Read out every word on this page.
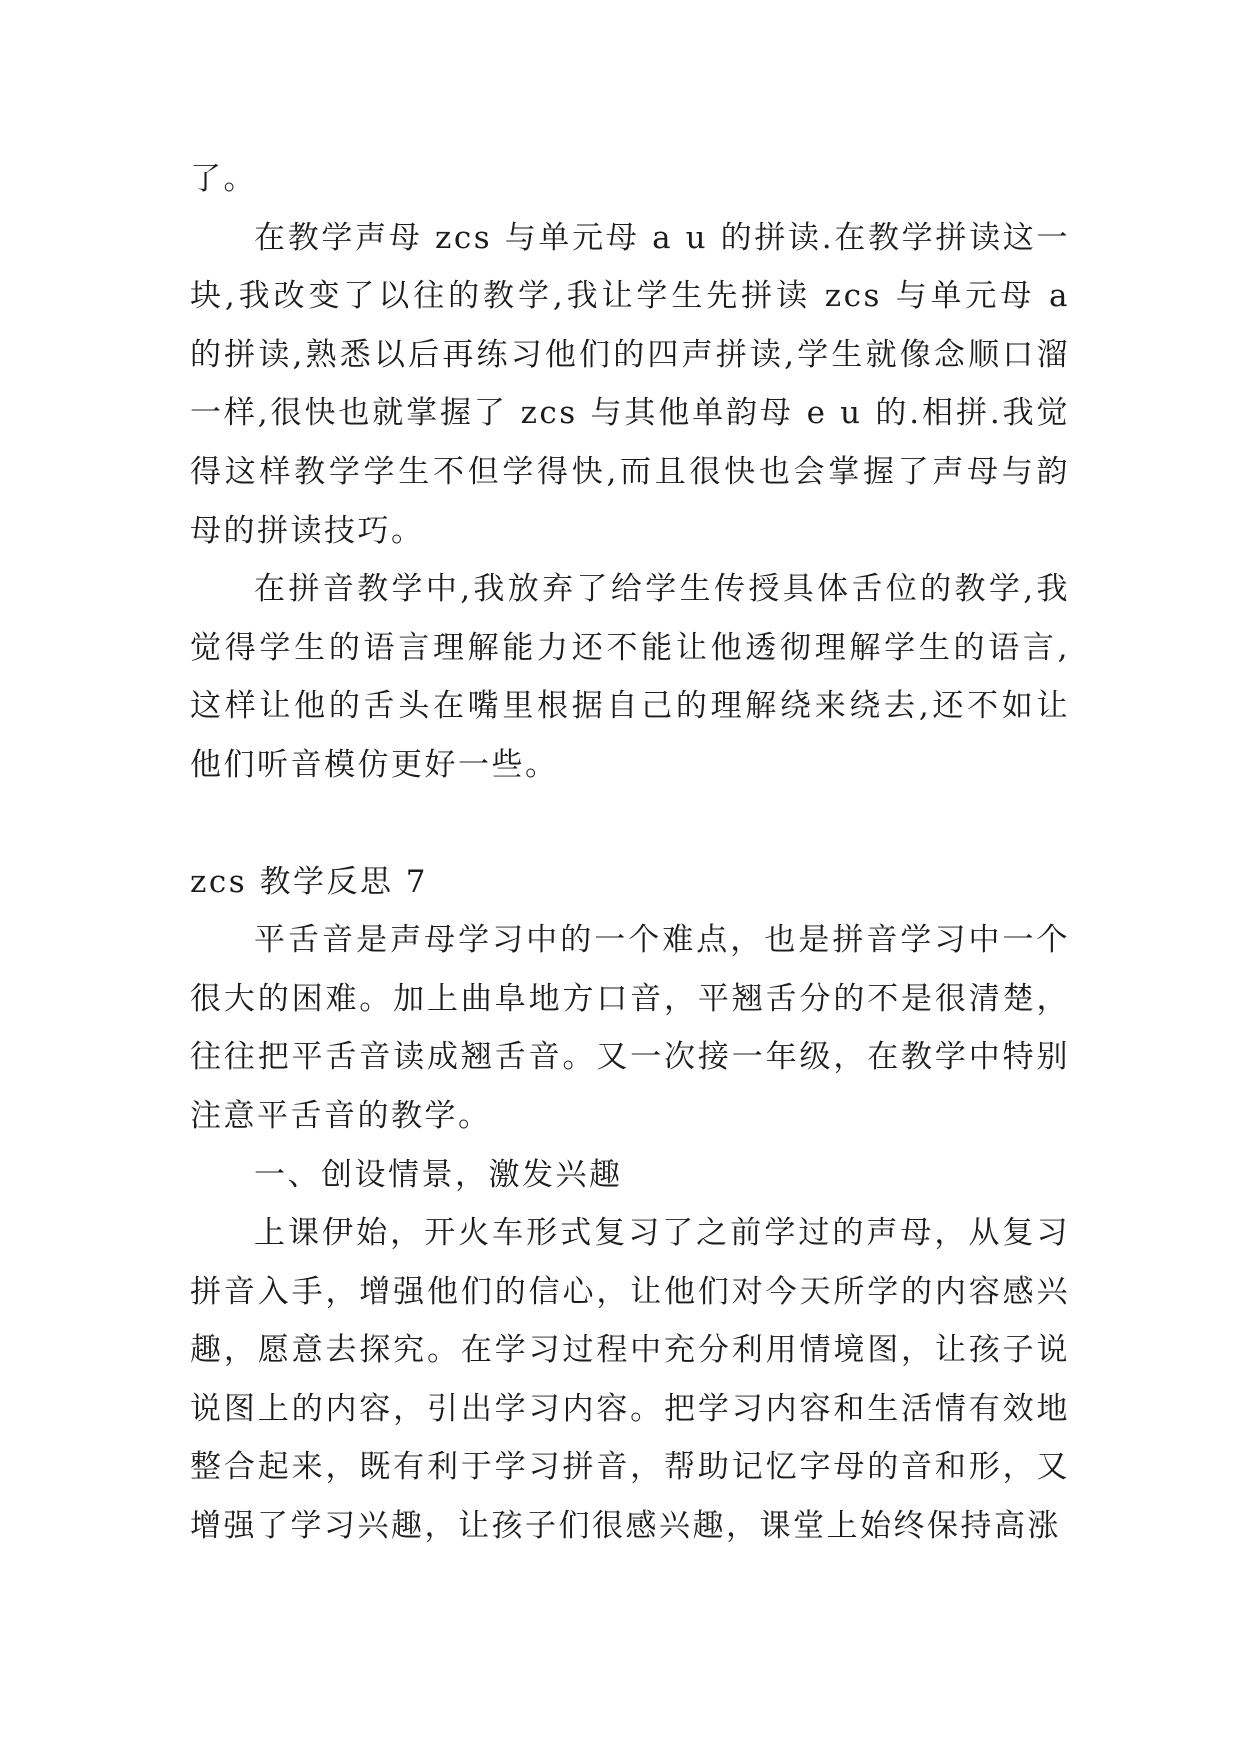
了。

在教学声母 zcs 与单元母 a u 的拼读.在教学拼读这一块,我改变了以往的教学,我让学生先拼读 zcs 与单元母 a 的拼读,熟悉以后再练习他们的四声拼读,学生就像念顺口溜一样,很快也就掌握了 zcs 与其他单韵母 e u 的.相拼.我觉得这样教学学生不但学得快,而且很快也会掌握了声母与韵母的拼读技巧。

在拼音教学中,我放弃了给学生传授具体舌位的教学,我觉得学生的语言理解能力还不能让他透彻理解学生的语言,这样让他的舌头在嘴里根据自己的理解绕来绕去,还不如让他们听音模仿更好一些。

zcs 教学反思 7

平舌音是声母学习中的一个难点，也是拼音学习中一个很大的困难。加上曲阜地方口音，平翘舌分的不是很清楚，往往把平舌音读成翘舌音。又一次接一年级，在教学中特别注意平舌音的教学。

一、创设情景，激发兴趣

上课伊始，开火车形式复习了之前学过的声母，从复习拼音入手，增强他们的信心，让他们对今天所学的内容感兴趣，愿意去探究。在学习过程中充分利用情境图，让孩子说说图上的内容，引出学习内容。把学习内容和生活情有效地整合起来，既有利于学习拼音，帮助记忆字母的音和形，又增强了学习兴趣，让孩子们很感兴趣，课堂上始终保持高涨
